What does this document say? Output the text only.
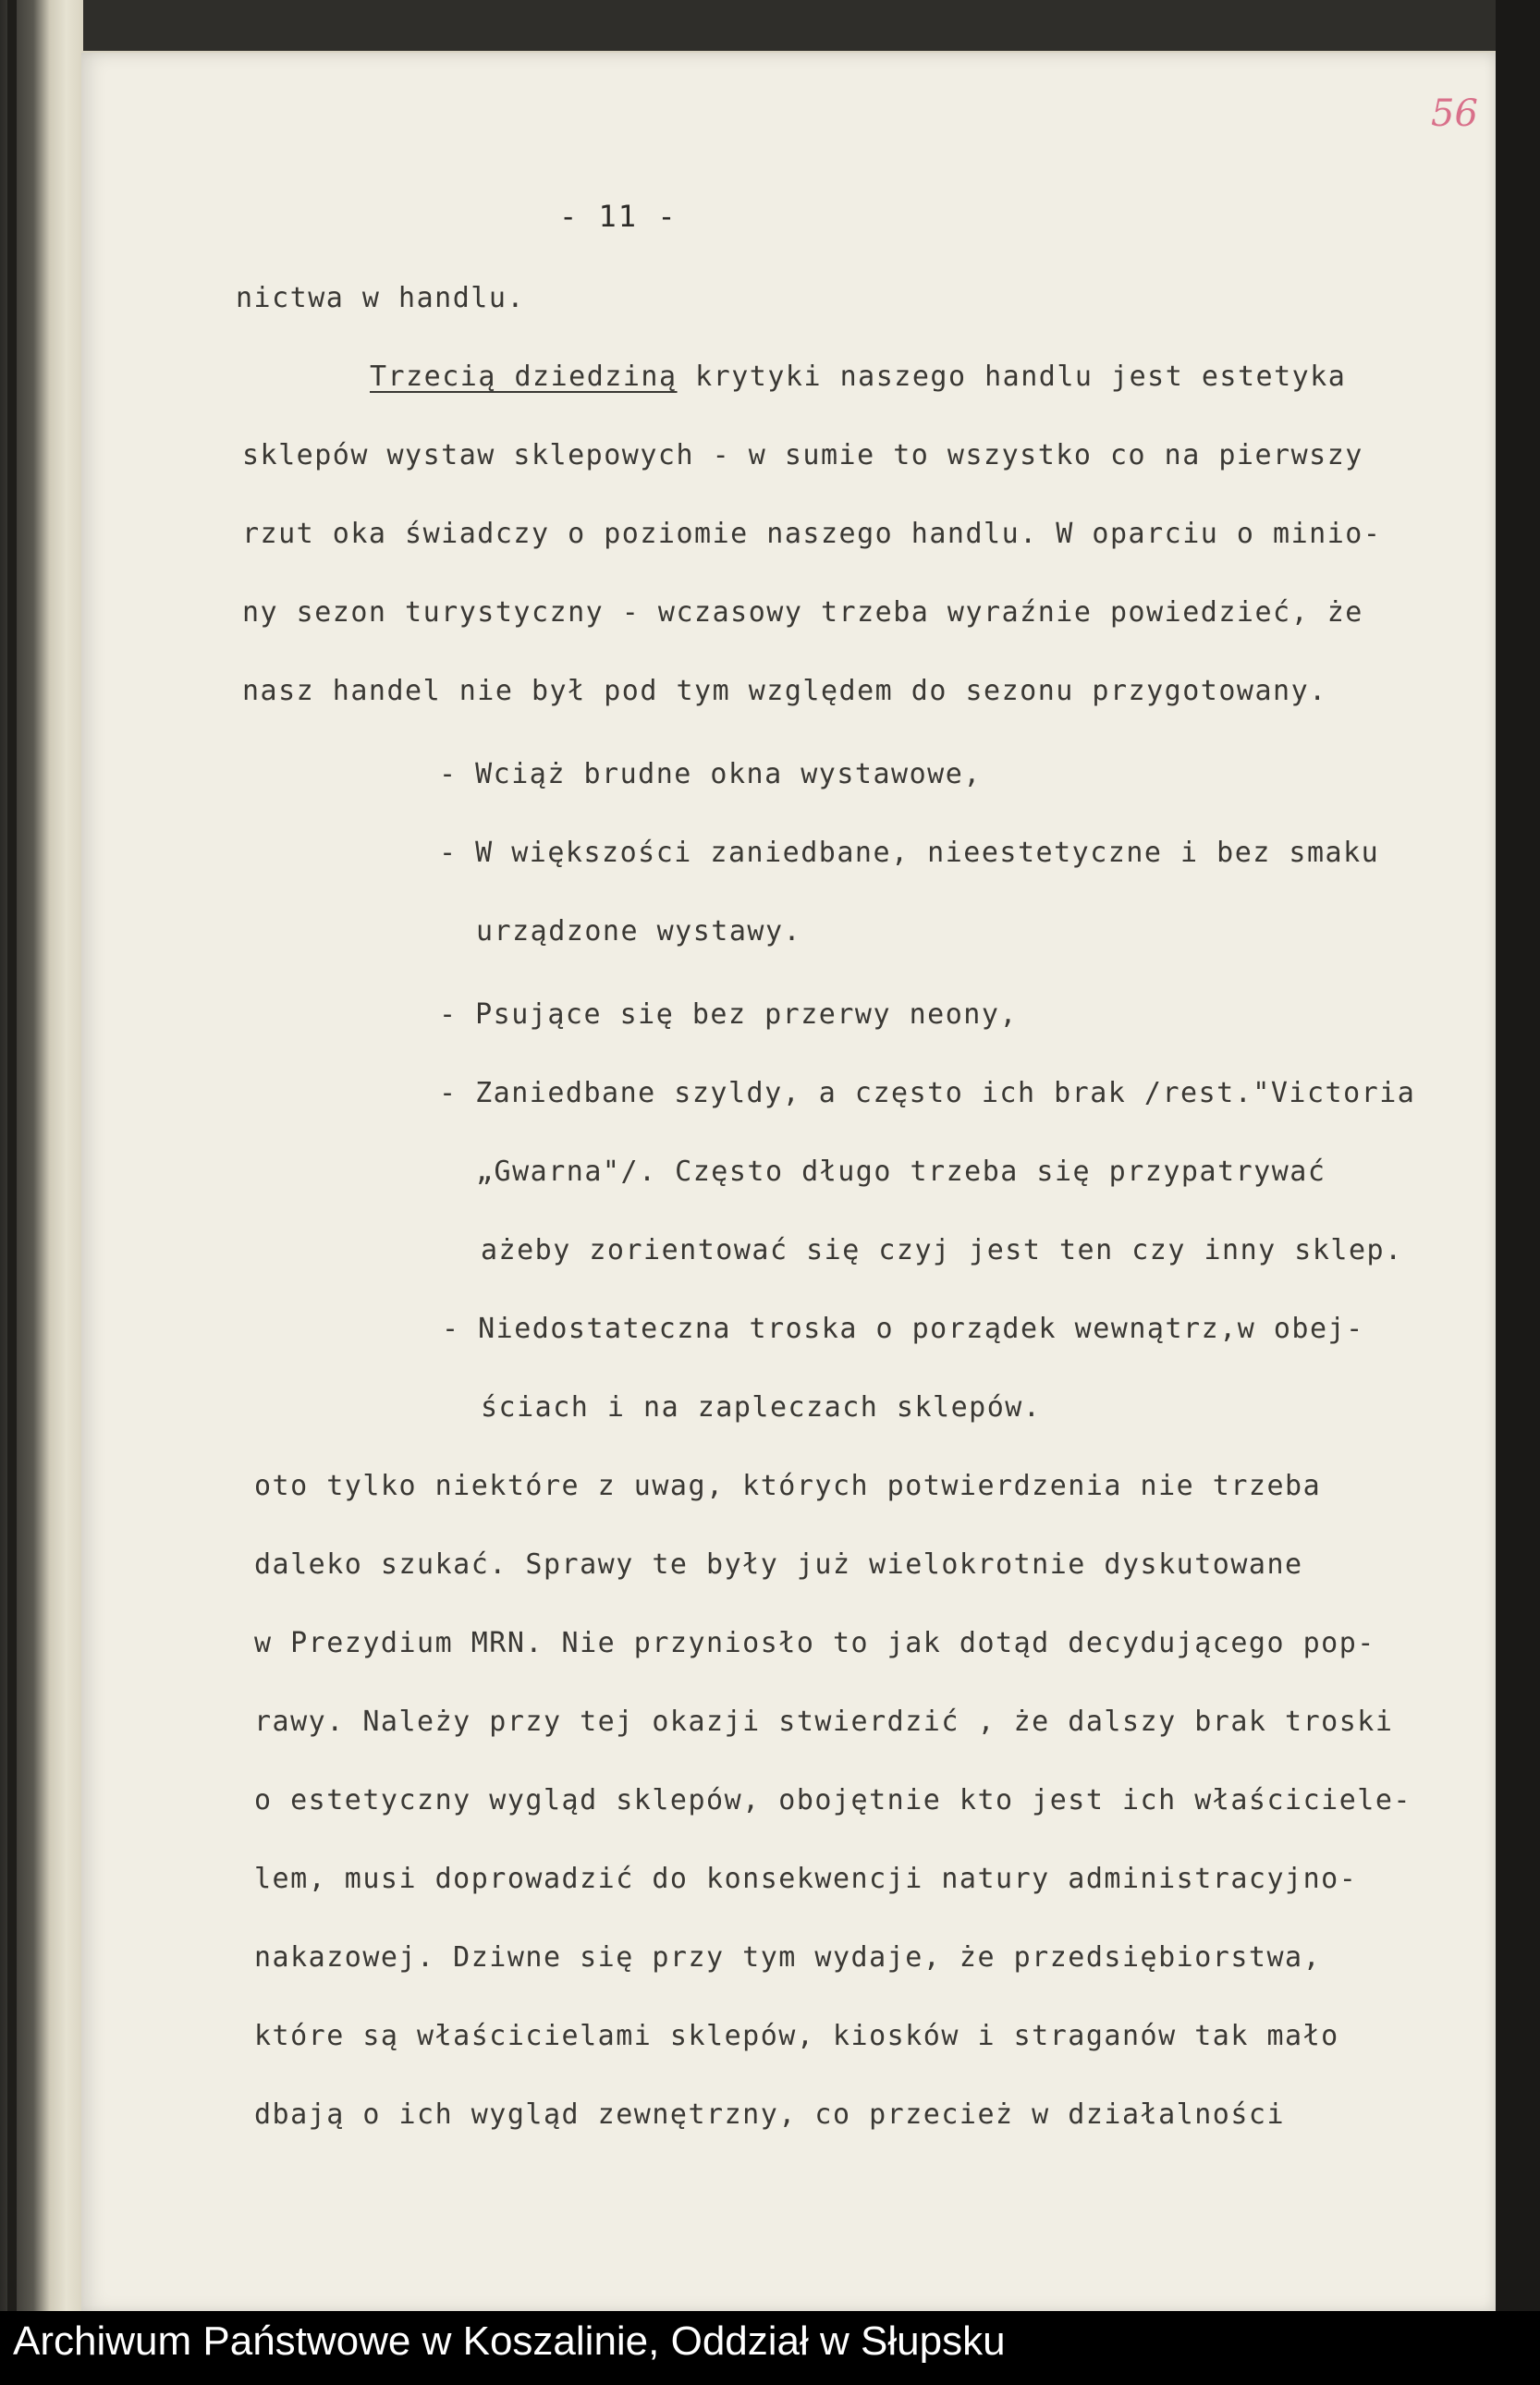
56
- 11 -
nictwa w handlu.
Trzecią dziedziną krytyki naszego handlu jest estetyka
sklepów wystaw sklepowych - w sumie to wszystko co na pierwszy
rzut oka świadczy o poziomie naszego handlu. W oparciu o minio-
ny sezon turystyczny - wczasowy trzeba wyraźnie powiedzieć, że
nasz handel nie był pod tym względem do sezonu przygotowany.
- Wciąż brudne okna wystawowe,
- W większości zaniedbane, nieestetyczne i bez smaku
urządzone wystawy.
- Psujące się bez przerwy neony,
- Zaniedbane szyldy, a często ich brak /rest."Victoria
„Gwarna"/. Często długo trzeba się przypatrywać
ażeby zorientować się czyj jest ten czy inny sklep.
- Niedostateczna troska o porządek wewnątrz,w obej-
ściach i na zapleczach sklepów.
oto tylko niektóre z uwag, których potwierdzenia nie trzeba
daleko szukać. Sprawy te były już wielokrotnie dyskutowane
w Prezydium MRN. Nie przyniosło to jak dotąd decydującego pop-
rawy. Należy przy tej okazji stwierdzić , że dalszy brak troski
o estetyczny wygląd sklepów, obojętnie kto jest ich właściciele-
lem, musi doprowadzić do konsekwencji natury administracyjno-
nakazowej. Dziwne się przy tym wydaje, że przedsiębiorstwa,
które są właścicielami sklepów, kiosków i straganów tak mało
dbają o ich wygląd zewnętrzny, co przecież w działalności
Archiwum Państwowe w Koszalinie, Oddział w Słupsku
